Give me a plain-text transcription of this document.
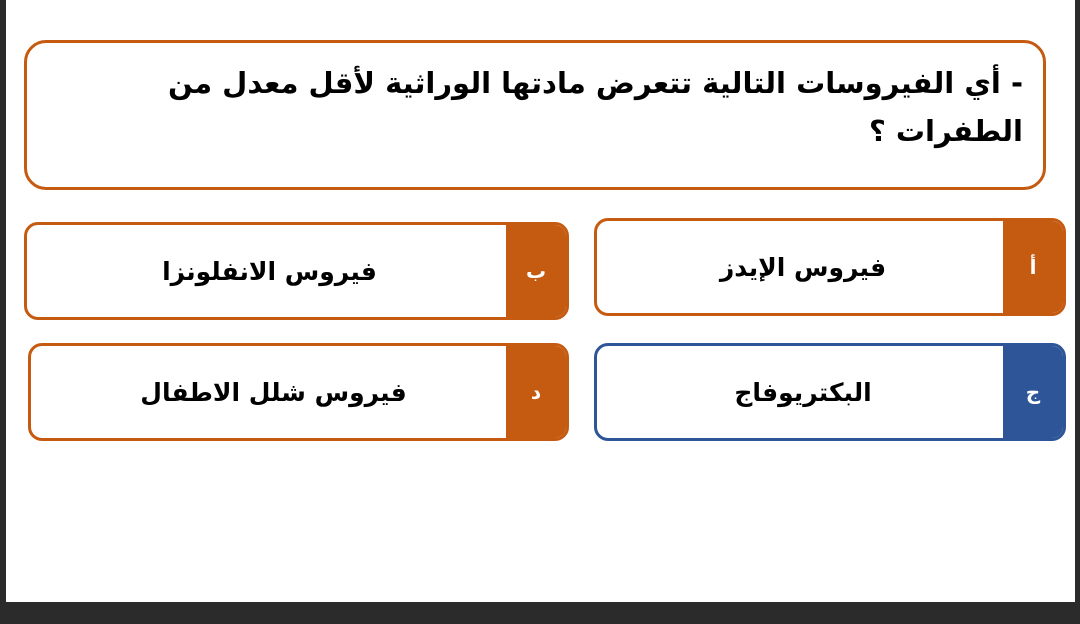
- أي الفيروسات التالية تتعرض مادتها الوراثية لأقل معدل من الطفرات ؟
فيروس الإيدز	أ
فيروس الانفلونزا	ب
البكتريوفاج	ج
فيروس شلل الاطفال	د
